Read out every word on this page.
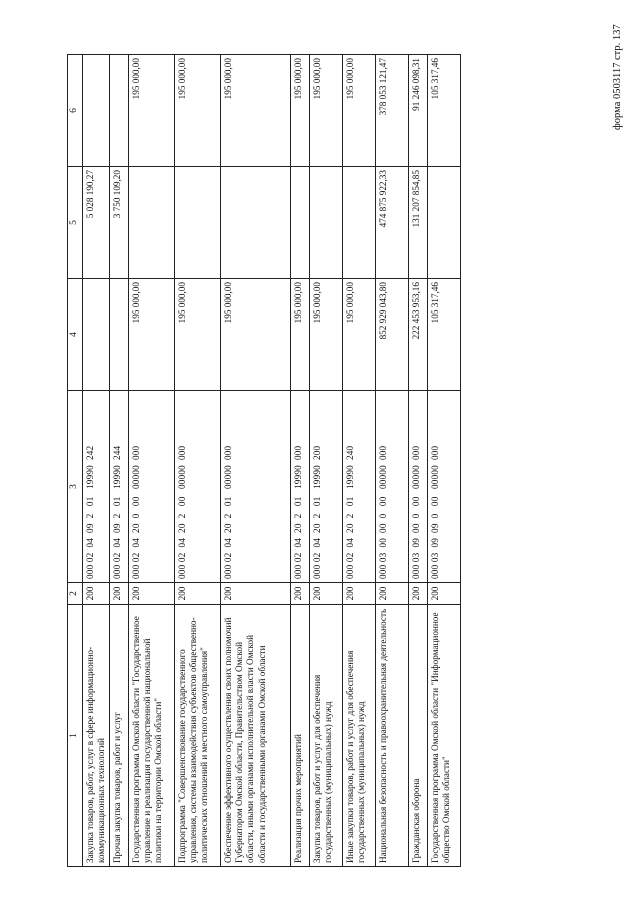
форма 0503117 стр. 137
1	2	3	4	5	6
Закупка товаров, работ, услуг в сфере информационно-коммуникационных технологий	200	000 02  04  09  2   01   19990  242		5 028 190,27	
Прочая закупка товаров, работ и услуг	200	000 02  04  09  2   01   19990  244		3 750 109,20	
Государственная программа Омской области "Государственное управление и реализация государственной национальной политики на территории Омской области"	200	000 02  04  20  0   00   00000  000	195 000,00		195 000,00
Подпрограмма "Совершенствование государственного управления, системы взаимодействия субъектов общественно-политических отношений и местного самоуправления"	200	000 02  04  20  2   00   00000  000	195 000,00		195 000,00
Обеспечение эффективного осуществления своих полномочий Губернатором Омской области, Правительством Омской области, иными органами исполнительной власти Омской области и государственными органами Омской области	200	000 02  04  20  2   01   00000  000	195 000,00		195 000,00
Реализация прочих мероприятий	200	000 02  04  20  2   01   19990  000	195 000,00		195 000,00
Закупка товаров, работ и услуг для обеспечения государственных (муниципальных) нужд	200	000 02  04  20  2   01   19990  200	195 000,00		195 000,00
Иные закупки товаров, работ и услуг для обеспечения государственных (муниципальных) нужд	200	000 02  04  20  2   01   19990  240	195 000,00		195 000,00
Национальная безопасность и правоохранительная деятельность	200	000 03  00  00  0   00   00000  000	852 929 043,80	474 875 922,33	378 053 121,47
Гражданская оборона	200	000 03  09  00  0   00   00000  000	222 453 953,16	131 207 854,85	91 246 098,31
Государственная программа Омской области "Информационное общество Омской области"	200	000 03  09  09  0   00   00000  000	105 317,46		105 317,46
